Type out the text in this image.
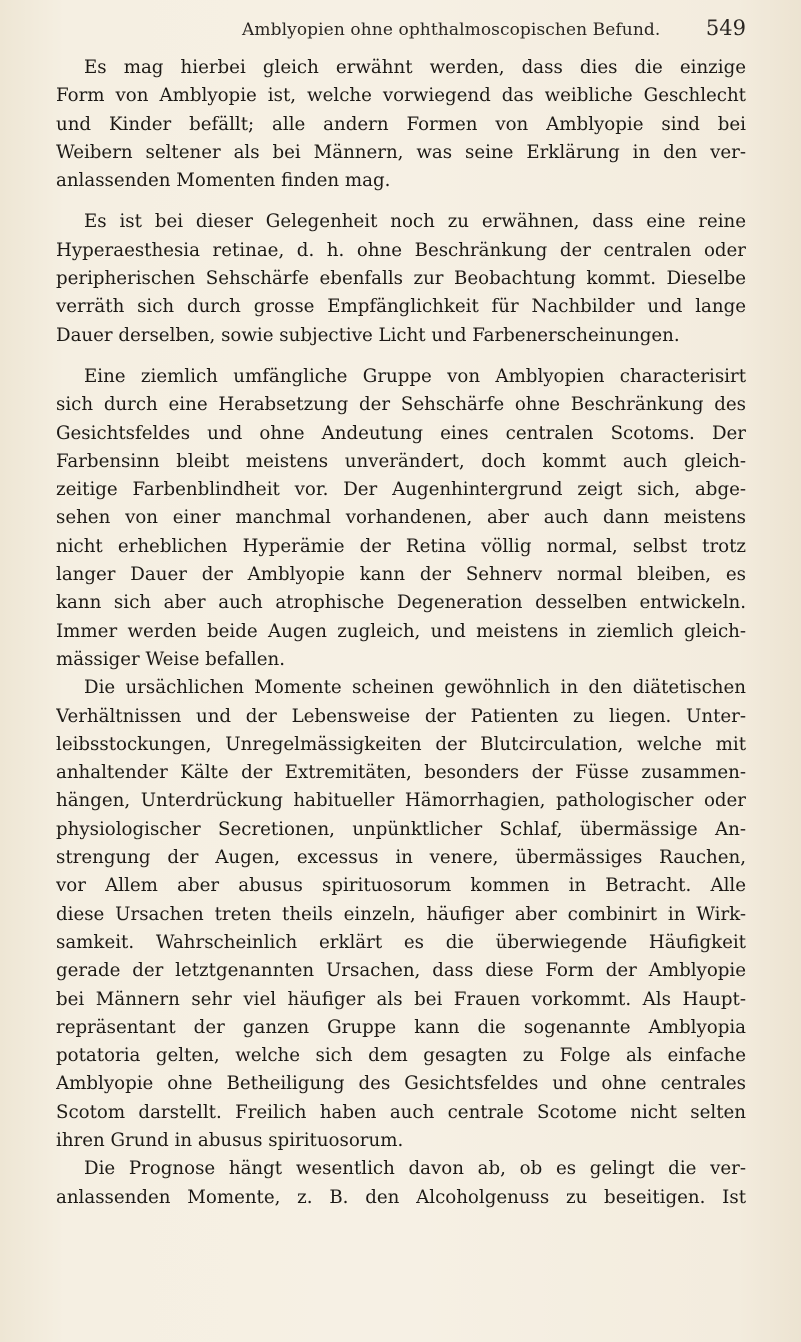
Amblyopien ohne ophthalmoscopischen Befund. 549
Es mag hierbei gleich erwähnt werden, dass dies die einzige
Form von Amblyopie ist, welche vorwiegend das weibliche Geschlecht
und Kinder befällt; alle andern Formen von Amblyopie sind bei
Weibern seltener als bei Männern, was seine Erklärung in den ver-
anlassenden Momenten finden mag.
Es ist bei dieser Gelegenheit noch zu erwähnen, dass eine reine
Hyperaesthesia retinae, d. h. ohne Beschränkung der centralen oder
peripherischen Sehschärfe ebenfalls zur Beobachtung kommt. Dieselbe
verräth sich durch grosse Empfänglichkeit für Nachbilder und lange
Dauer derselben, sowie subjective Licht und Farbenerscheinungen.
Eine ziemlich umfängliche Gruppe von Amblyopien characterisirt
sich durch eine Herabsetzung der Sehschärfe ohne Beschränkung des
Gesichtsfeldes und ohne Andeutung eines centralen Scotoms. Der
Farbensinn bleibt meistens unverändert, doch kommt auch gleich-
zeitige Farbenblindheit vor. Der Augenhintergrund zeigt sich, abge-
sehen von einer manchmal vorhandenen, aber auch dann meistens
nicht erheblichen Hyperämie der Retina völlig normal, selbst trotz
langer Dauer der Amblyopie kann der Sehnerv normal bleiben, es
kann sich aber auch atrophische Degeneration desselben entwickeln.
Immer werden beide Augen zugleich, und meistens in ziemlich gleich-
mässiger Weise befallen.
Die ursächlichen Momente scheinen gewöhnlich in den diätetischen
Verhältnissen und der Lebensweise der Patienten zu liegen. Unter-
leibsstockungen, Unregelmässigkeiten der Blutcirculation, welche mit
anhaltender Kälte der Extremitäten, besonders der Füsse zusammen-
hängen, Unterdrückung habitueller Hämorrhagien, pathologischer oder
physiologischer Secretionen, unpünktlicher Schlaf, übermässige An-
strengung der Augen, excessus in venere, übermässiges Rauchen,
vor Allem aber abusus spirituosorum kommen in Betracht. Alle
diese Ursachen treten theils einzeln, häufiger aber combinirt in Wirk-
samkeit. Wahrscheinlich erklärt es die überwiegende Häufigkeit
gerade der letztgenannten Ursachen, dass diese Form der Amblyopie
bei Männern sehr viel häufiger als bei Frauen vorkommt. Als Haupt-
repräsentant der ganzen Gruppe kann die sogenannte Amblyopia
potatoria gelten, welche sich dem gesagten zu Folge als einfache
Amblyopie ohne Betheiligung des Gesichtsfeldes und ohne centrales
Scotom darstellt. Freilich haben auch centrale Scotome nicht selten
ihren Grund in abusus spirituosorum.
Die Prognose hängt wesentlich davon ab, ob es gelingt die ver-
anlassenden Momente, z. B. den Alcoholgenuss zu beseitigen. Ist
